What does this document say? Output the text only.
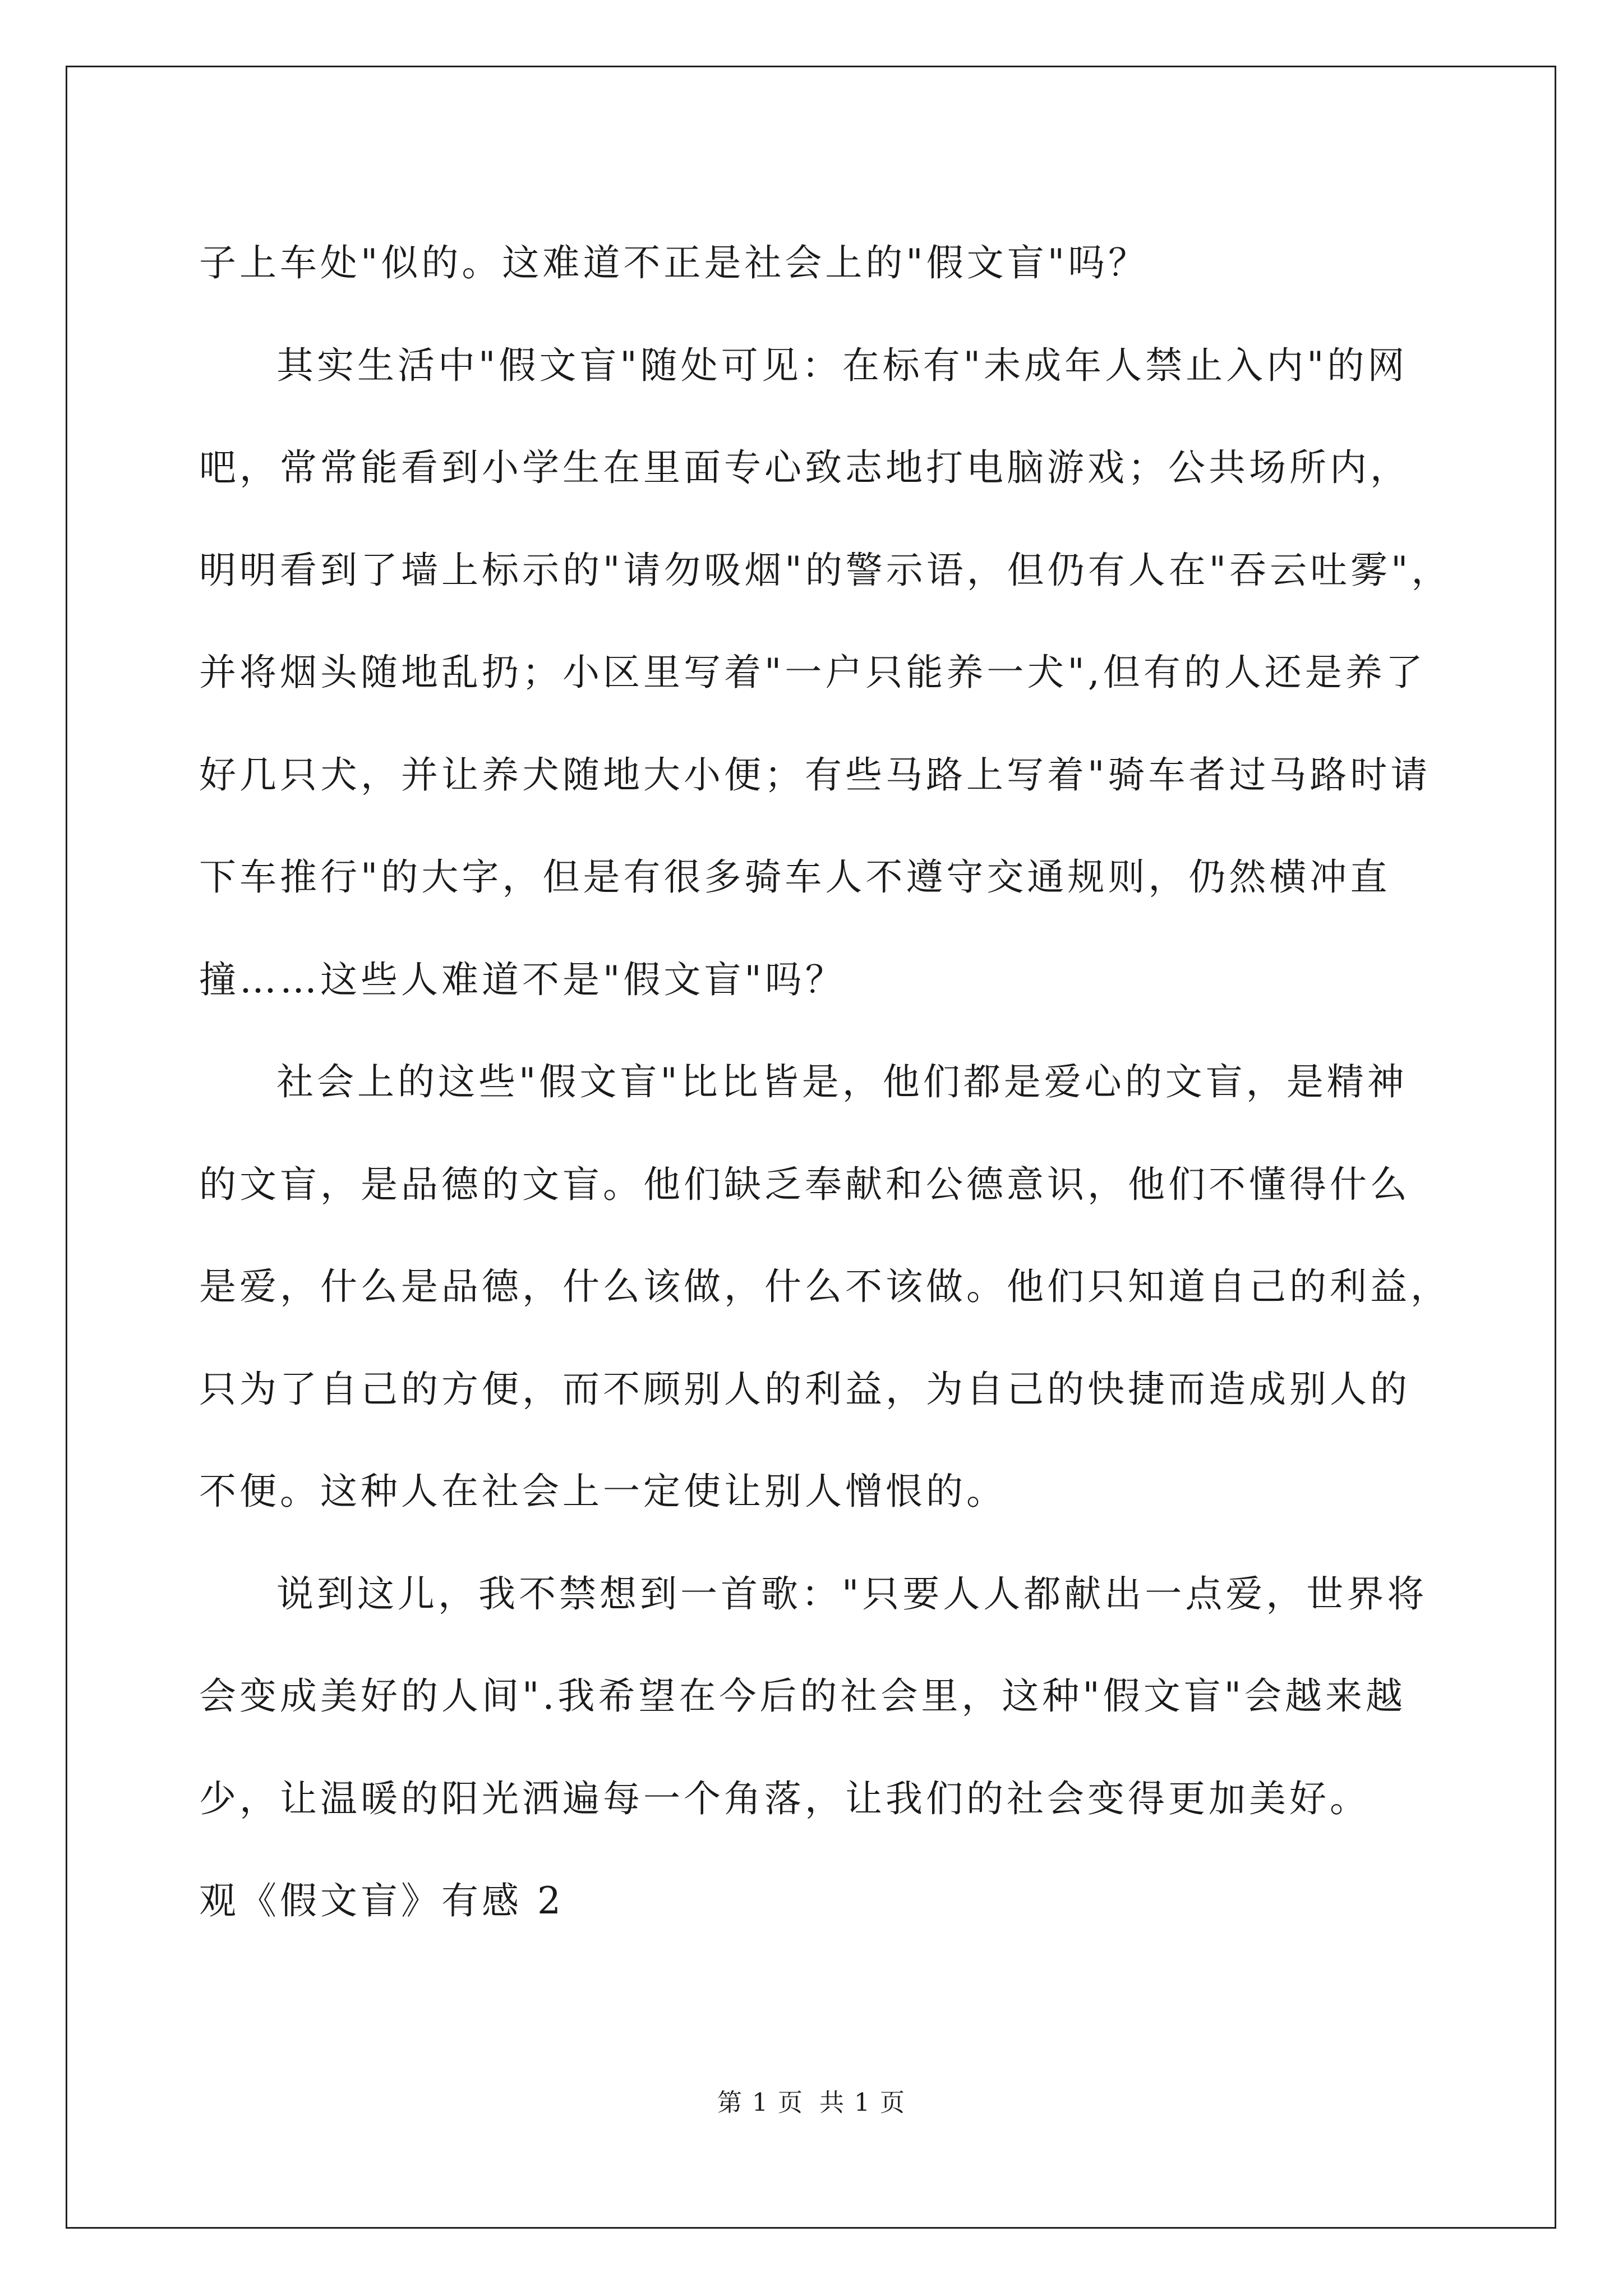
子上车处"似的。这难道不正是社会上的"假文盲"吗？
其实生活中"假文盲"随处可见：在标有"未成年人禁止入内"的网
吧，常常能看到小学生在里面专心致志地打电脑游戏；公共场所内，
明明看到了墙上标示的"请勿吸烟"的警示语，但仍有人在"吞云吐雾"，
并将烟头随地乱扔；小区里写着"一户只能养一犬",但有的人还是养了
好几只犬，并让养犬随地大小便；有些马路上写着"骑车者过马路时请
下车推行"的大字，但是有很多骑车人不遵守交通规则，仍然横冲直
撞……这些人难道不是"假文盲"吗？
社会上的这些"假文盲"比比皆是，他们都是爱心的文盲，是精神
的文盲，是品德的文盲。他们缺乏奉献和公德意识，他们不懂得什么
是爱，什么是品德，什么该做，什么不该做。他们只知道自己的利益，
只为了自己的方便，而不顾别人的利益，为自己的快捷而造成别人的
不便。这种人在社会上一定使让别人憎恨的。
说到这儿，我不禁想到一首歌："只要人人都献出一点爱，世界将
会变成美好的人间".我希望在今后的社会里，这种"假文盲"会越来越
少，让温暖的阳光洒遍每一个角落，让我们的社会变得更加美好。
观《假文盲》有感 2
第 1 页 共 1 页
